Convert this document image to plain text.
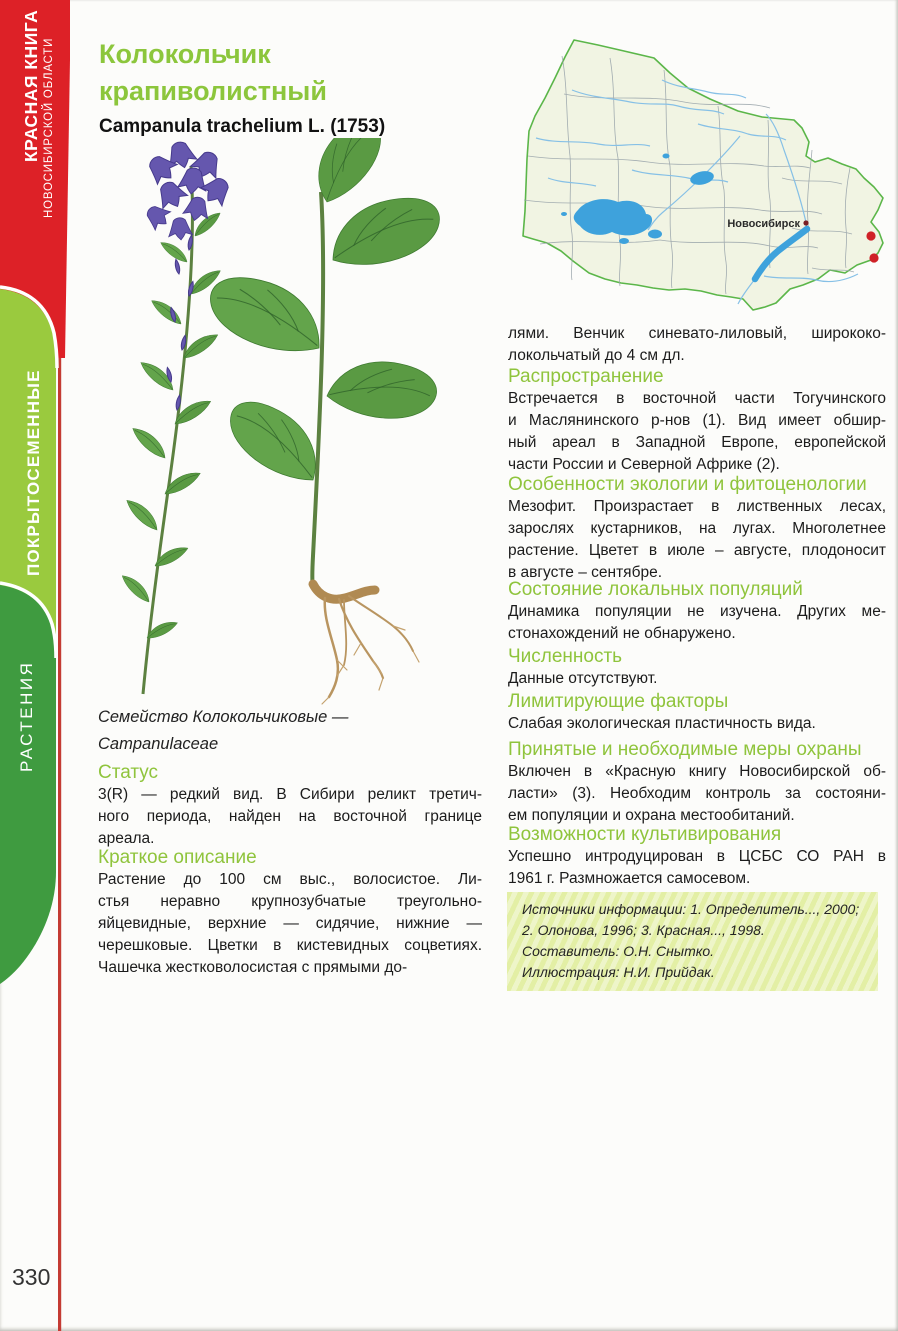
КРАСНАЯ КНИГА НОВОСИБИРСКОЙ ОБЛАСТИ
ПОКРЫТОСЕМЕННЫЕ
РАСТЕНИЯ
Колокольчик
крапиволистный
Campanula trachelium L. (1753)
Новосибирск
Семейство Колокольчиковые —
Campanulaceae
Статус
3(R) — редкий вид. В Сибири реликт третич-
ного периода, найден на восточной границе
ареала.
Краткое описание
Растение до 100 см выс., волосистое. Ли-
стья неравно крупнозубчатые треугольно-
яйцевидные, верхние — сидячие, нижние —
черешковые. Цветки в кистевидных соцветиях.
Чашечка жестковолосистая с прямыми до-
лями. Венчик синевато-лиловый, ширококо-
локольчатый до 4 см дл.
Распространение
Встречается в восточной части Тогучинского
и Маслянинского р-нов (1). Вид имеет обшир-
ный ареал в Западной Европе, европейской
части России и Северной Африке (2).
Особенности экологии и фитоценологии
Мезофит. Произрастает в лиственных лесах,
зарослях кустарников, на лугах. Многолетнее
растение. Цветет в июле – августе, плодоносит
в августе – сентябре.
Состояние локальных популяций
Динамика популяции не изучена. Других ме-
стонахождений не обнаружено.
Численность
Данные отсутствуют.
Лимитирующие факторы
Слабая экологическая пластичность вида.
Принятые и необходимые меры охраны
Включен в «Красную книгу Новосибирской об-
ласти» (3). Необходим контроль за состояни-
ем популяции и охрана местообитаний.
Возможности культивирования
Успешно интродуцирован в ЦСБС СО РАН в
1961 г. Размножается самосевом.
Источники информации: 1. Определитель..., 2000;
2. Олонова, 1996; 3. Красная..., 1998.
Составитель: О.Н. Снытко.
Иллюстрация: Н.И. Прийдак.
330
